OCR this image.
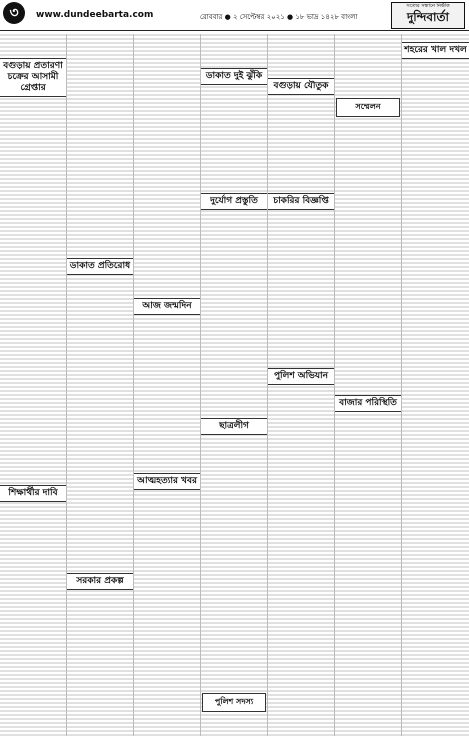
৩	www.dundeebarta.com	রোববার ● ২ সেপ্টেম্বর ২০২১ ● ১৮ ভাদ্র ১৪২৮ বাংলা
সত্যের সন্ধানে নির্ভীক
দুন্দিবার্তা
বগুড়ায় প্রতারণা চক্রের আসামী গ্রেপ্তার
শিক্ষার্থীর দাবি
ডাকাত প্রতিরোধ
সরকার প্রকল্প
আজ জন্মদিন
আত্মহত্যার খবর
ডাকাত দুই ঝুঁকি
দুর্যোগ প্রস্তুতি
ছাত্রলীগ
পুলিশ সদস্য
বগুড়ায় যৌতুক
চাকরির বিজ্ঞপ্তি
পুলিশ অভিযান
সম্মেলন
বাজার পরিস্থিতি
শহরের খাল দখল
